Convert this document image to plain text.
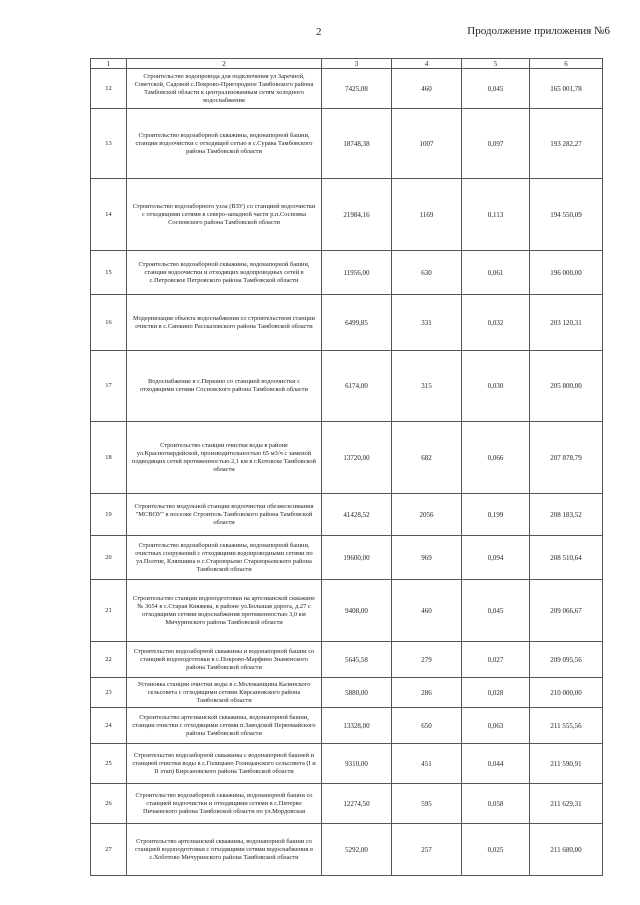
2	Продолжение приложения №6
1	2	3	4	5	6
12	Строительство водопровода для подключения ул Заречной, Советской, Садовой с.Покрово-Пригородное Тамбовского района Тамбовской области к централизованным сетям холодного водоснабжения	7425,08	460	0,045	165 001,78
13	Строительство водозаборной скважины, водонапорной башни, станции водоочистки с отходящей сетью в с.Сурава Тамбовского района Тамбовской области	18748,38	1007	0,097	193 282,27
14	Строительство водозаборного узла (ВЗУ) со станцией водоочистки с отходящими сетями в северо-западной части р.п.Сосновка Сосновского района Тамбовской области	21984,16	1169	0,113	194 550,09
15	Строительство водозаборной скважины, водонапорной башни, станции водоочистки и отходящих водопроводных сетей в с.Петровское Петровского района Тамбовской области	11956,00	630	0,061	196 000,00
16	Модернизация объекта водоснабжения со строительством станции очистки в с.Саюкино Рассказовского района Тамбовской области	6499,85	331	0,032	203 120,31
17	Водоснабжение в с.Перкино со станцией водоочистки с отходящими сетями Сосновского района Тамбовской области	6174,00	315	0,030	205 800,00
18	Строительство станции очистки воды в районе ул.Красногвардейской, производительностью 65 м3/ч с заменой подводящих сетей протяженностью 2,1 км в г.Котовске Тамбовской области	13720,00	682	0,066	207 878,79
19	Строительство модульной станции водоочистки обезжелезивания "МСВОУ" в поселке Строитель Тамбовского района Тамбовской области	41428,52	2056	0,199	208 183,52
20	Строительство водозаборной скважины, водонапорной башни, очистных сооружений с отходящими водопроводными сетями по ул.Полтие, Кляпшина в с.Староюрьево Староюрьевского района Тамбовской области	19600,00	969	0,094	208 510,64
21	Строительство станции водоподготовки на артезианской скважине № 3654 в с.Старая Княжева, в районе ул.Большая дорога, д.27 с отходящими сетями водоснабжения протяженностью 3,0 км Мичуринского района Тамбовской области	9408,00	460	0,045	209 066,67
22	Строительство водозаборной скважины и водонапорной башни со станцией водоподготовки в с.Покрово-Марфино Знаменского района Тамбовской области	5645,58	279	0,027	209 095,56
23	Установка станции очистки воды в с.Молоканщина Калинского сельсовета с отходящими сетями Кирсановского района Тамбовской области	5880,00	286	0,028	210 000,00
24	Строительство артезианской скважины, водонапорной башни, станции очистки с отходящими сетями п.Заводской Первомайского района Тамбовской области	13328,00	650	0,063	211 555,56
25	Строительство водозаборной скважины с водонапорной башней и станцией очистки воды в с.Голицыно Голицынского сельсовета (I и II этап) Кирсановского района Тамбовской области	9310,00	451	0,044	211 590,91
26	Строительство водозаборной скважины, водонапорной башни со станцией водоочистки и отходящими сетями в с.Питерво Пичаевского района Тамбовской области по ул.Мордовская	12274,50	595	0,058	211 629,31
27	Строительство артезианской скважины, водонапорной башни со станцией водоподготовки с отходящими сетями водоснабжения в с.Хоботово Мичуринского района Тамбовской области	5292,00	257	0,025	211 680,00
